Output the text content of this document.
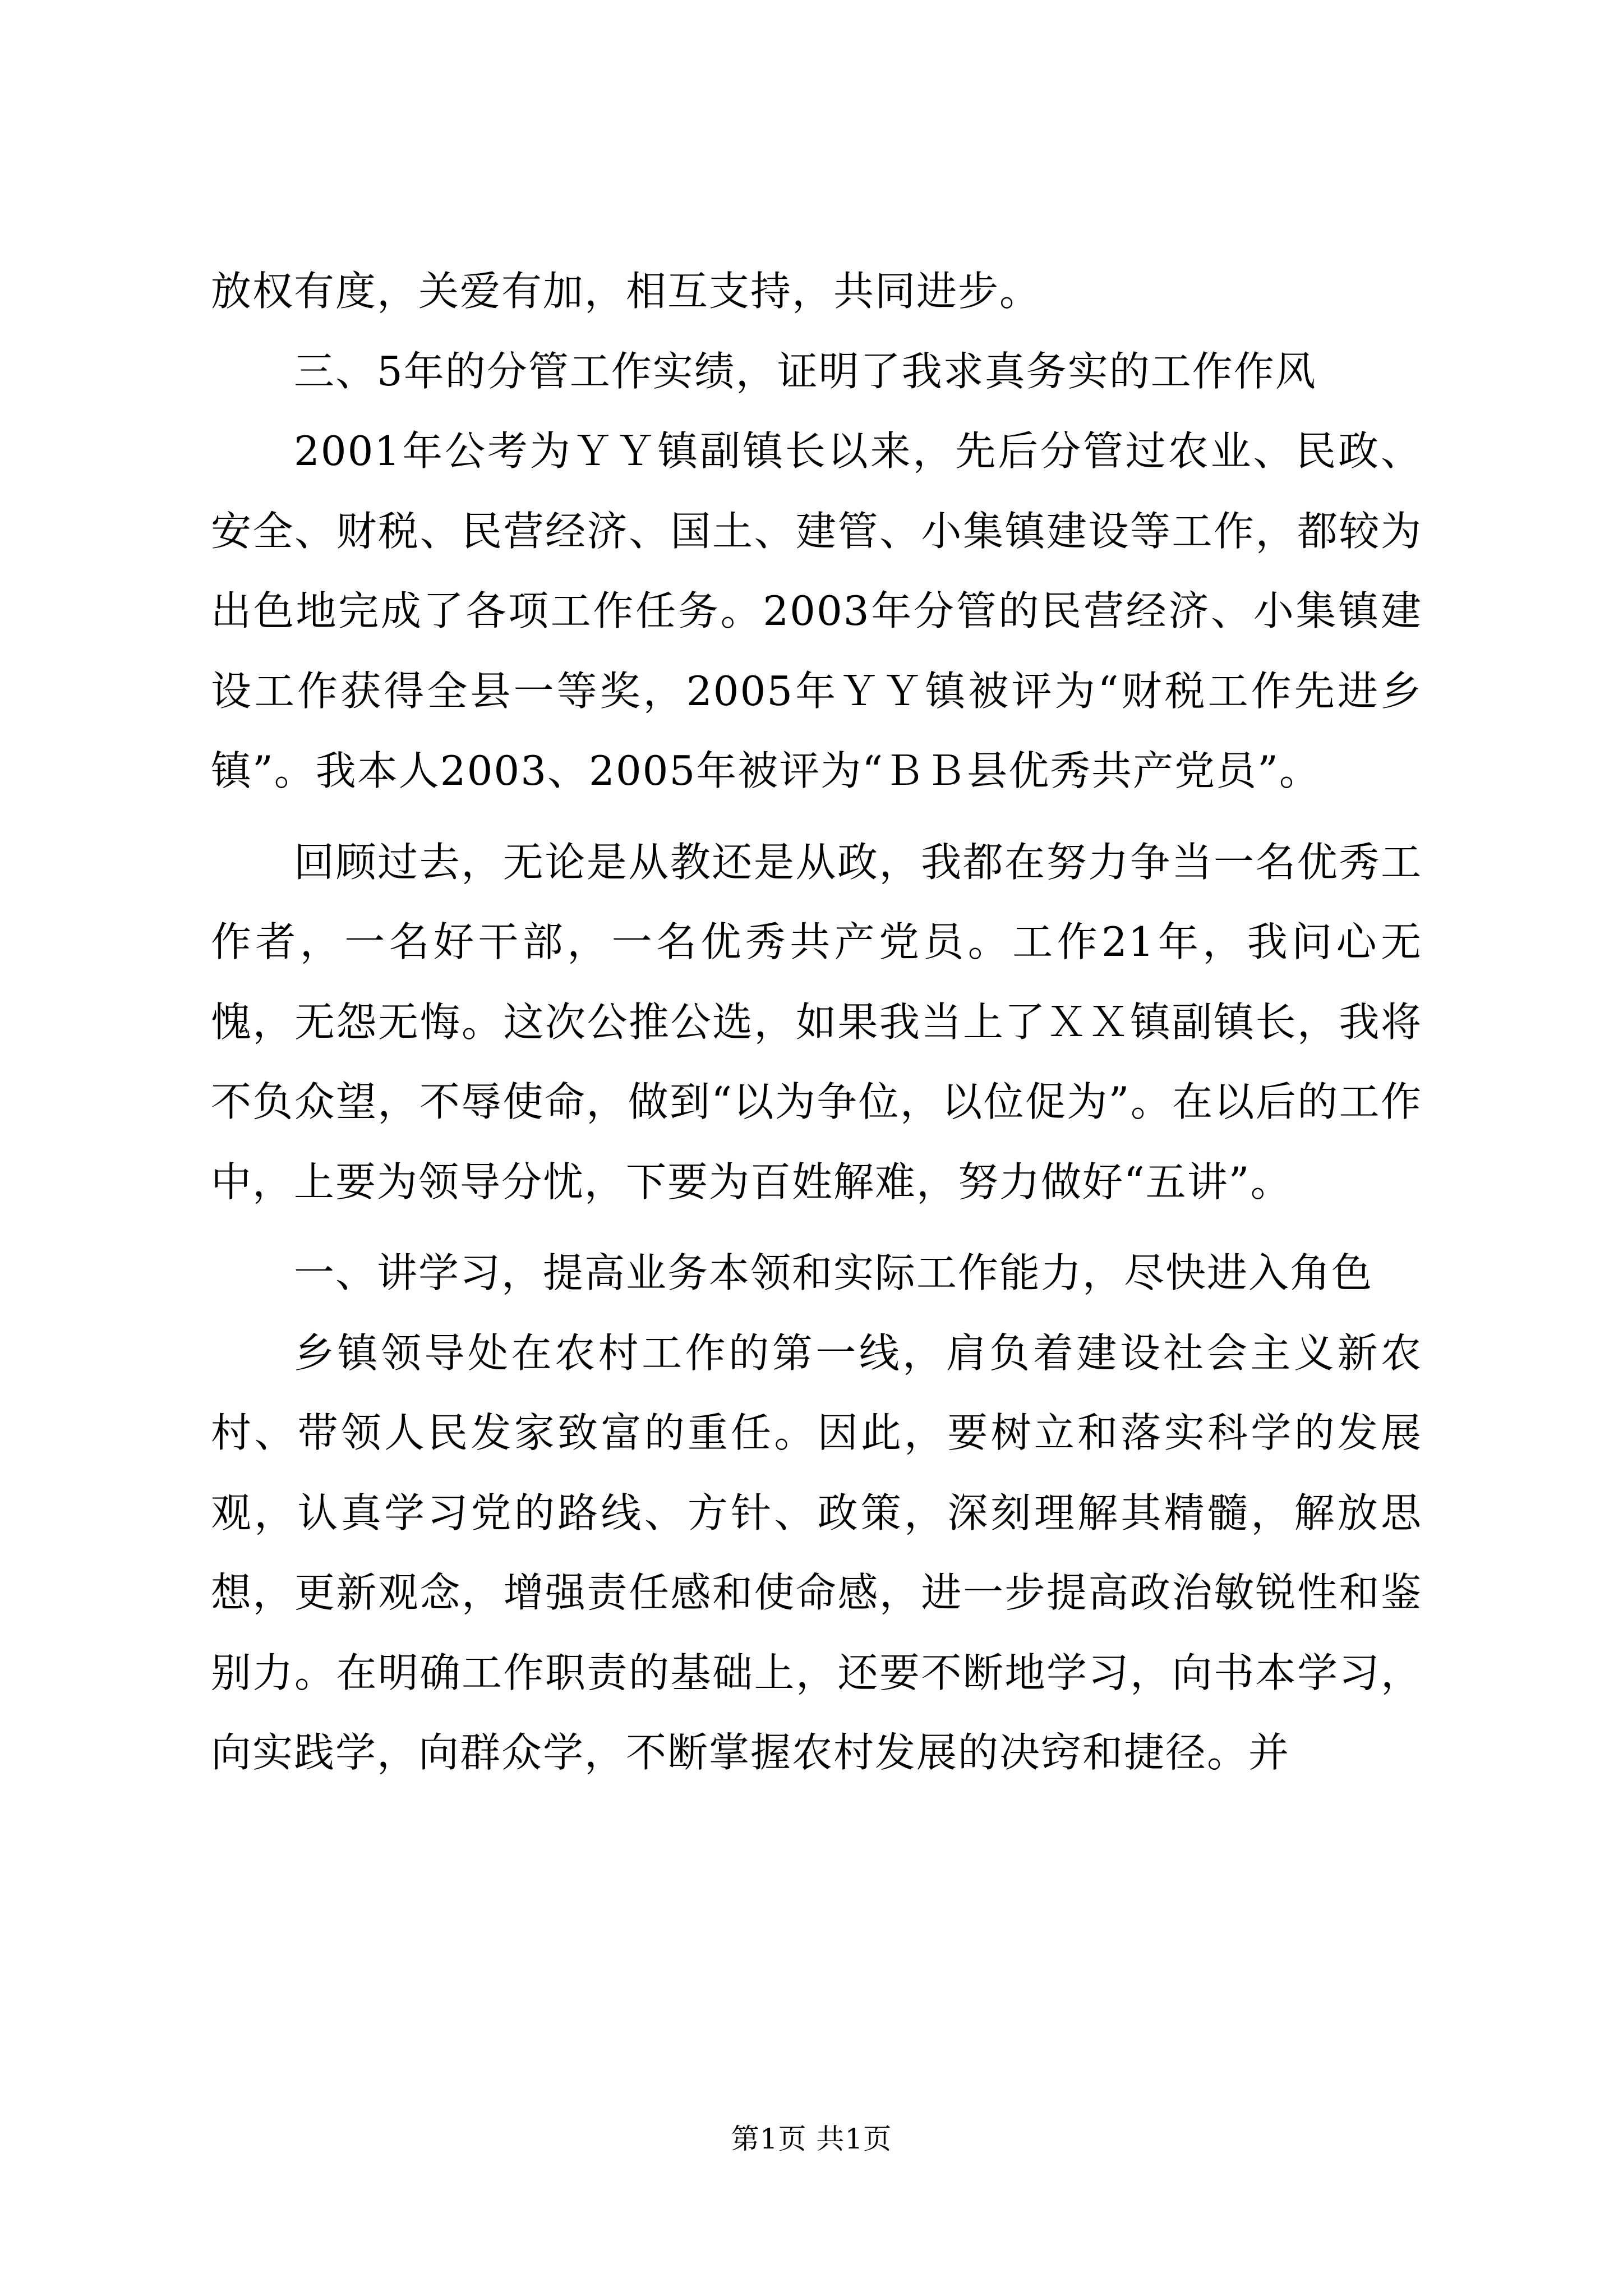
放权有度，关爱有加，相互支持，共同进步。

三、5年的分管工作实绩，证明了我求真务实的工作作风

2001年公考为ＹＹ镇副镇长以来，先后分管过农业、民政、安全、财税、民营经济、国土、建管、小集镇建设等工作，都较为出色地完成了各项工作任务。2003年分管的民营经济、小集镇建设工作获得全县一等奖，2005年ＹＹ镇被评为“财税工作先进乡镇”。我本人2003、2005年被评为“ＢＢ县优秀共产党员”。

回顾过去，无论是从教还是从政，我都在努力争当一名优秀工作者，一名好干部，一名优秀共产党员。工作21年，我问心无愧，无怨无悔。这次公推公选，如果我当上了ＸＸ镇副镇长，我将不负众望，不辱使命，做到“以为争位，以位促为”。在以后的工作中，上要为领导分忧，下要为百姓解难，努力做好“五讲”。

一、讲学习，提高业务本领和实际工作能力，尽快进入角色

乡镇领导处在农村工作的第一线，肩负着建设社会主义新农村、带领人民发家致富的重任。因此，要树立和落实科学的发展观，认真学习党的路线、方针、政策，深刻理解其精髓，解放思想，更新观念，增强责任感和使命感，进一步提高政治敏锐性和鉴别力。在明确工作职责的基础上，还要不断地学习，向书本学习，向实践学，向群众学，不断掌握农村发展的决窍和捷径。并

第1页 共1页
